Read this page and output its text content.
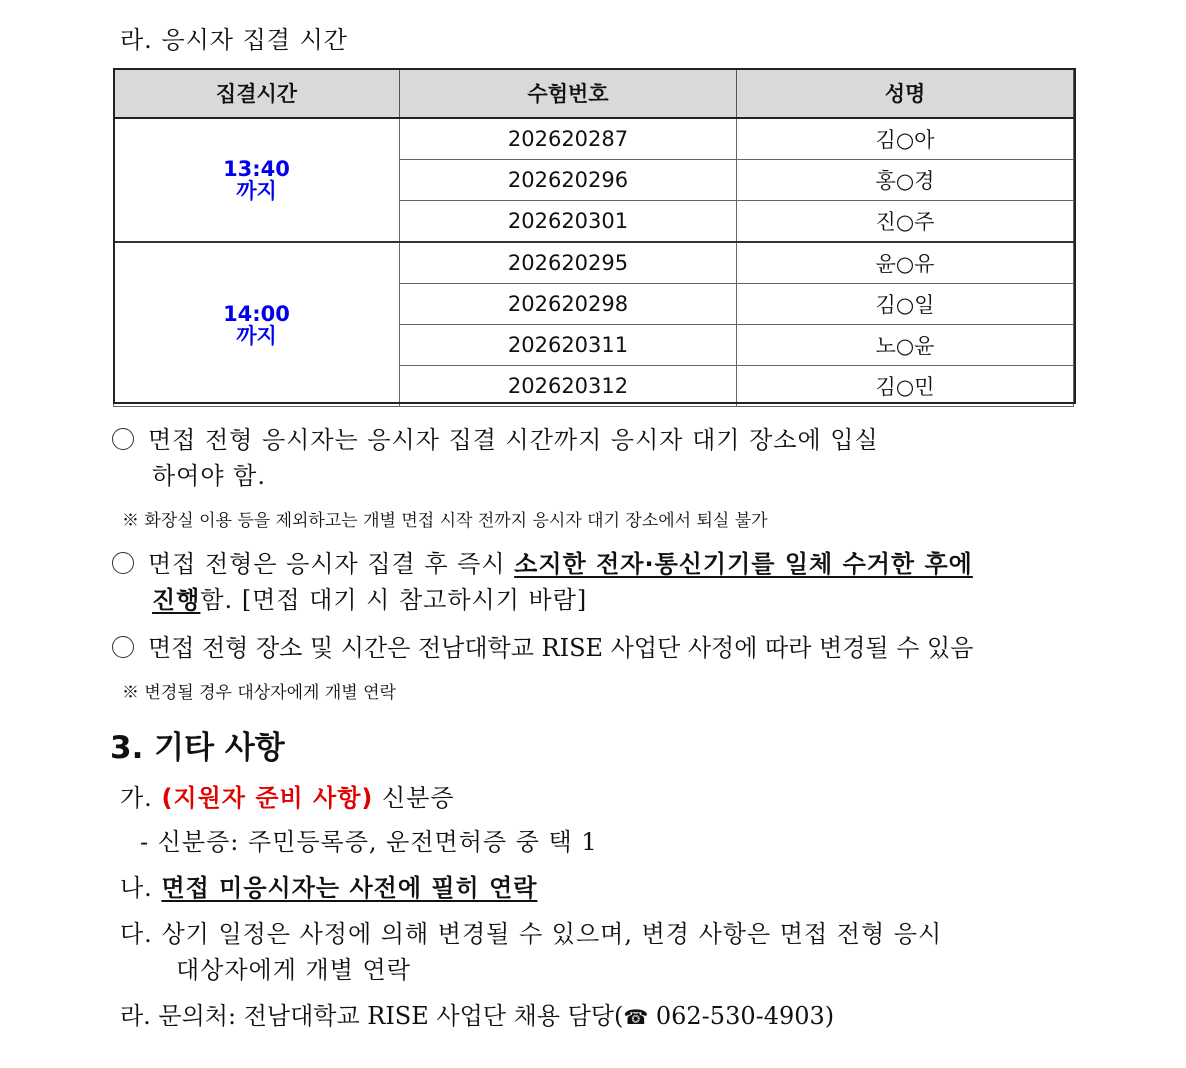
라. 응시자 집결 시간
집결시간	수험번호	성명

13:40
까지	202620287	김○아
	202620296	홍○경
	202620301	진○주

14:00
까지	202620295	윤○유
	202620298	김○일
	202620311	노○윤
	202620312	김○민
면접 전형 응시자는 응시자 집결 시간까지 응시자 대기 장소에 입실
하여야 함.
※ 화장실 이용 등을 제외하고는 개별 면접 시작 전까지 응시자 대기 장소에서 퇴실 불가
면접 전형은 응시자 집결 후 즉시 소지한 전자·통신기기를 일체 수거한 후에
진행함. [면접 대기 시 참고하시기 바람]
면접 전형 장소 및 시간은 전남대학교 RISE 사업단 사정에 따라 변경될 수 있음
※ 변경될 경우 대상자에게 개별 연락
3. 기타 사항
가. (지원자 준비 사항) 신분증
- 신분증: 주민등록증, 운전면허증 중 택 1
나. 면접 미응시자는 사전에 필히 연락
다. 상기 일정은 사정에 의해 변경될 수 있으며, 변경 사항은 면접 전형 응시
대상자에게 개별 연락
라. 문의처: 전남대학교 RISE 사업단 채용 담당(☎ 062-530-4903)
